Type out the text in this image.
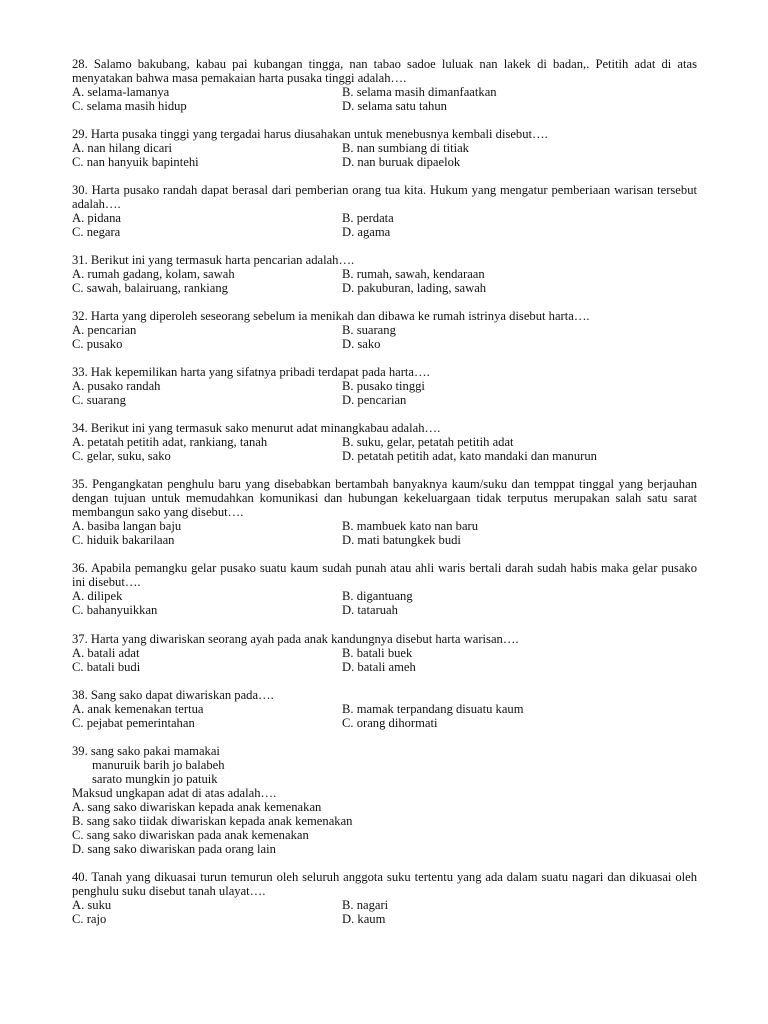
28. Salamo bakubang, kabau pai kubangan tingga, nan tabao sadoe luluak nan lakek di badan,. Petitih adat di atas menyatakan bahwa masa pemakaian harta pusaka tinggi adalah….
A. selama-lamanya	B. selama masih dimanfaatkan
C. selama masih hidup	D. selama satu tahun
29. Harta pusaka tinggi yang tergadai harus diusahakan untuk menebusnya kembali disebut….
A. nan hilang dicari	B. nan sumbiang di titiak
C. nan hanyuik bapintehi	D. nan buruak dipaelok
30. Harta pusako randah dapat berasal dari pemberian orang tua kita. Hukum yang mengatur pemberiaan warisan tersebut adalah….
A. pidana	B. perdata
C. negara	D. agama
31. Berikut ini yang termasuk harta pencarian adalah….
A. rumah gadang, kolam, sawah	B. rumah, sawah, kendaraan
C. sawah, balairuang, rankiang	D. pakuburan, lading, sawah
32. Harta yang diperoleh seseorang sebelum ia menikah dan dibawa ke rumah istrinya disebut harta….
A. pencarian	B. suarang
C. pusako	D. sako
33. Hak kepemilikan harta yang sifatnya pribadi terdapat pada harta….
A. pusako randah	B. pusako tinggi
C. suarang	D. pencarian
34. Berikut ini yang termasuk sako menurut adat minangkabau adalah….
A. petatah petitih adat, rankiang, tanah	B. suku, gelar, petatah petitih adat
C. gelar, suku, sako	D. petatah petitih adat, kato mandaki dan manurun
35. Pengangkatan penghulu baru yang disebabkan bertambah banyaknya kaum/suku dan temppat tinggal yang berjauhan dengan tujuan untuk memudahkan komunikasi dan hubungan kekeluargaan tidak terputus merupakan salah satu sarat membangun sako yang disebut….
A. basiba langan baju	B. mambuek kato nan baru
C. hiduik bakarilaan	D. mati batungkek budi
36. Apabila pemangku gelar pusako suatu kaum sudah punah atau ahli waris bertali darah sudah habis maka gelar pusako ini disebut….
A. dilipek	B. digantuang
C. bahanyuikkan	D. tataruah
37. Harta yang diwariskan seorang ayah pada anak kandungnya disebut harta warisan….
A. batali adat	B. batali buek
C. batali budi	D. batali ameh
38. Sang sako dapat diwariskan pada….
A. anak kemenakan tertua	B. mamak terpandang disuatu kaum
C. pejabat pemerintahan	C. orang dihormati
39. sang sako pakai mamakai
manuruik barih jo balabeh
sarato mungkin jo patuik
Maksud ungkapan adat di atas adalah….
A. sang sako diwariskan kepada anak kemenakan
B. sang sako tiidak diwariskan kepada anak kemenakan
C. sang sako diwariskan pada anak kemenakan
D. sang sako diwariskan pada orang lain
40. Tanah yang dikuasai turun temurun oleh seluruh anggota suku tertentu yang ada dalam suatu nagari dan dikuasai oleh penghulu suku disebut tanah ulayat….
A. suku	B. nagari
C. rajo	D. kaum
